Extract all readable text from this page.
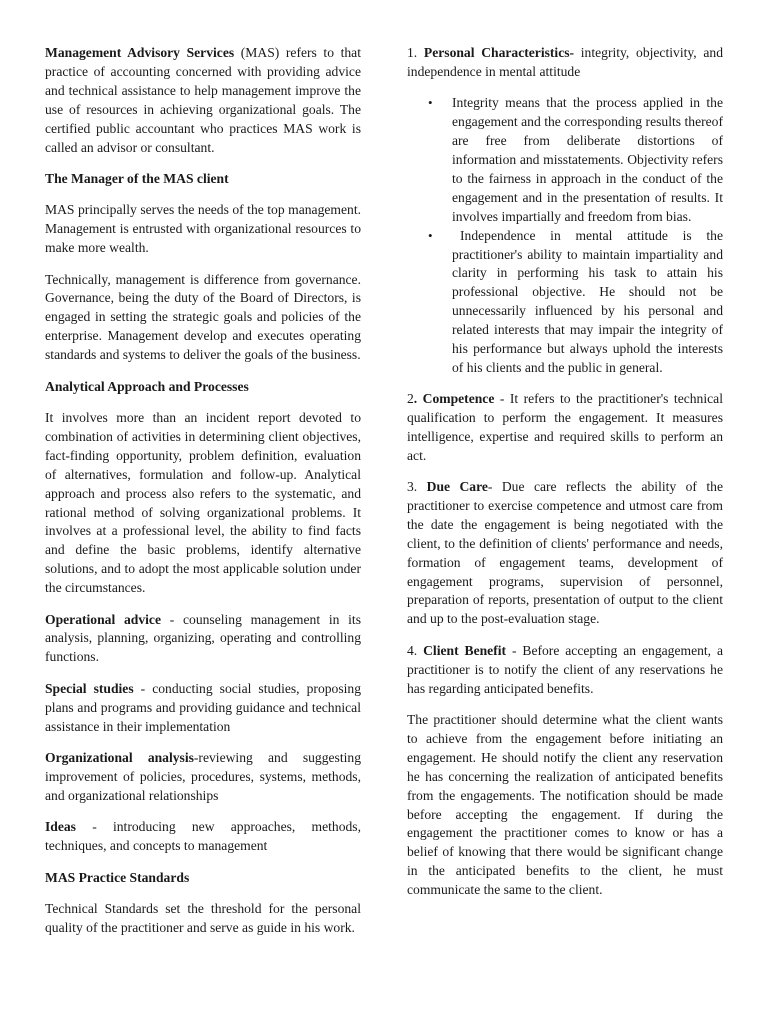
Management Advisory Services (MAS) refers to that practice of accounting concerned with providing advice and technical assistance to help management improve the use of resources in achieving organizational goals. The certified public accountant who practices MAS work is called an advisor or consultant.

The Manager of the MAS client

MAS principally serves the needs of the top management. Management is entrusted with organizational resources to make more wealth.

Technically, management is difference from governance. Governance, being the duty of the Board of Directors, is engaged in setting the strategic goals and policies of the enterprise. Management develop and executes operating standards and systems to deliver the goals of the business.

Analytical Approach and Processes

It involves more than an incident report devoted to combination of activities in determining client objectives, fact-finding opportunity, problem definition, evaluation of alternatives, formulation and follow-up. Analytical approach and process also refers to the systematic, and rational method of solving organizational problems. It involves at a professional level, the ability to find facts and define the basic problems, identify alternative solutions, and to adopt the most applicable solution under the circumstances.

Operational advice - counseling management in its analysis, planning, organizing, operating and controlling functions.

Special studies - conducting social studies, proposing plans and programs and providing guidance and technical assistance in their implementation

Organizational analysis-reviewing and suggesting improvement of policies, procedures, systems, methods, and organizational relationships

Ideas - introducing new approaches, methods, techniques, and concepts to management

MAS Practice Standards

Technical Standards set the threshold for the personal quality of the practitioner and serve as guide in his work.

1. Personal Characteristics- integrity, objectivity, and independence in mental attitude

• Integrity means that the process applied in the engagement and the corresponding results thereof are free from deliberate distortions of information and misstatements. Objectivity refers to the fairness in approach in the conduct of the engagement and in the presentation of results. It involves impartially and freedom from bias.
• Independence in mental attitude is the practitioner's ability to maintain impartiality and clarity in performing his task to attain his professional objective. He should not be unnecessarily influenced by his personal and related interests that may impair the integrity of his performance but always uphold the interests of his clients and the public in general.

2. Competence - It refers to the practitioner's technical qualification to perform the engagement. It measures intelligence, expertise and required skills to perform an act.

3. Due Care- Due care reflects the ability of the practitioner to exercise competence and utmost care from the date the engagement is being negotiated with the client, to the definition of clients' performance and needs, formation of engagement teams, development of engagement programs, supervision of personnel, preparation of reports, presentation of output to the client and up to the post-evaluation stage.

4. Client Benefit - Before accepting an engagement, a practitioner is to notify the client of any reservations he has regarding anticipated benefits.

The practitioner should determine what the client wants to achieve from the engagement before initiating an engagement. He should notify the client any reservation he has concerning the realization of anticipated benefits from the engagements. The notification should be made before accepting the engagement. If during the engagement the practitioner comes to know or has a belief of knowing that there would be significant change in the anticipated benefits to the client, he must communicate the same to the client.
